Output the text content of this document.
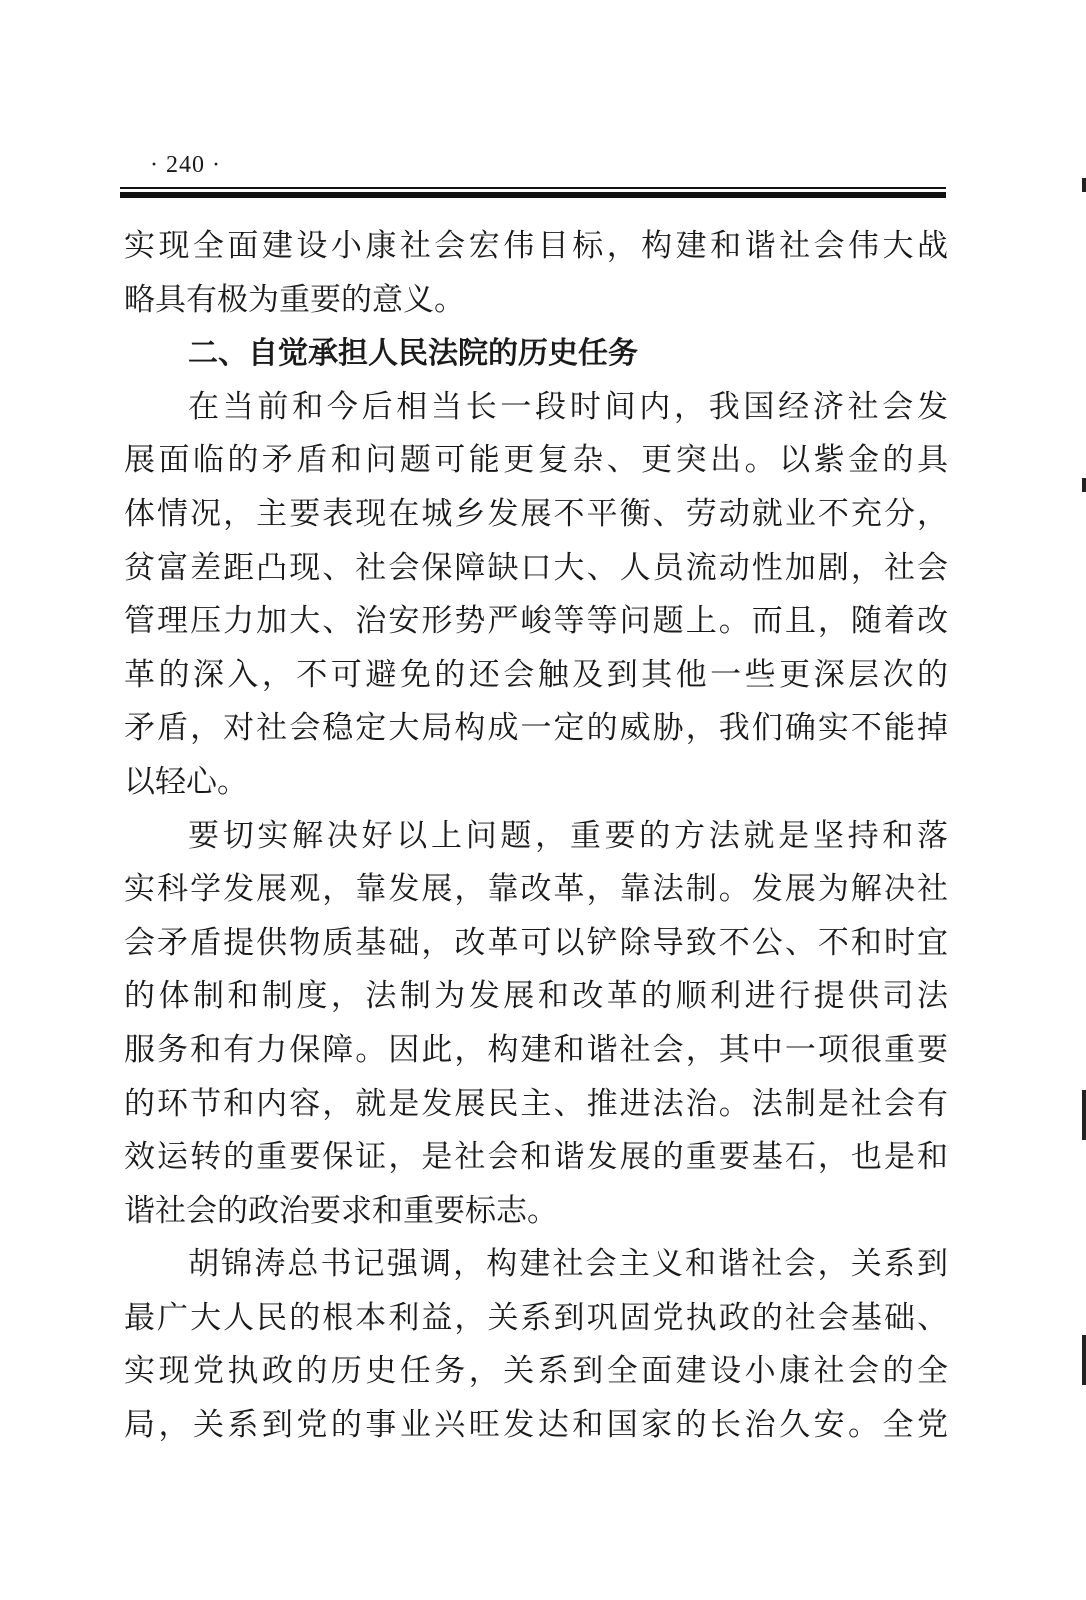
· 240 ·
实现全面建设小康社会宏伟目标，构建和谐社会伟大战
略具有极为重要的意义。
二、自觉承担人民法院的历史任务
在当前和今后相当长一段时间内，我国经济社会发
展面临的矛盾和问题可能更复杂、更突出。以紫金的具
体情况，主要表现在城乡发展不平衡、劳动就业不充分，
贫富差距凸现、社会保障缺口大、人员流动性加剧，社会
管理压力加大、治安形势严峻等等问题上。而且，随着改
革的深入，不可避免的还会触及到其他一些更深层次的
矛盾，对社会稳定大局构成一定的威胁，我们确实不能掉
以轻心。
要切实解决好以上问题，重要的方法就是坚持和落
实科学发展观，靠发展，靠改革，靠法制。发展为解决社
会矛盾提供物质基础，改革可以铲除导致不公、不和时宜
的体制和制度，法制为发展和改革的顺利进行提供司法
服务和有力保障。因此，构建和谐社会，其中一项很重要
的环节和内容，就是发展民主、推进法治。法制是社会有
效运转的重要保证，是社会和谐发展的重要基石，也是和
谐社会的政治要求和重要标志。
胡锦涛总书记强调，构建社会主义和谐社会，关系到
最广大人民的根本利益，关系到巩固党执政的社会基础、
实现党执政的历史任务，关系到全面建设小康社会的全
局，关系到党的事业兴旺发达和国家的长治久安。全党
